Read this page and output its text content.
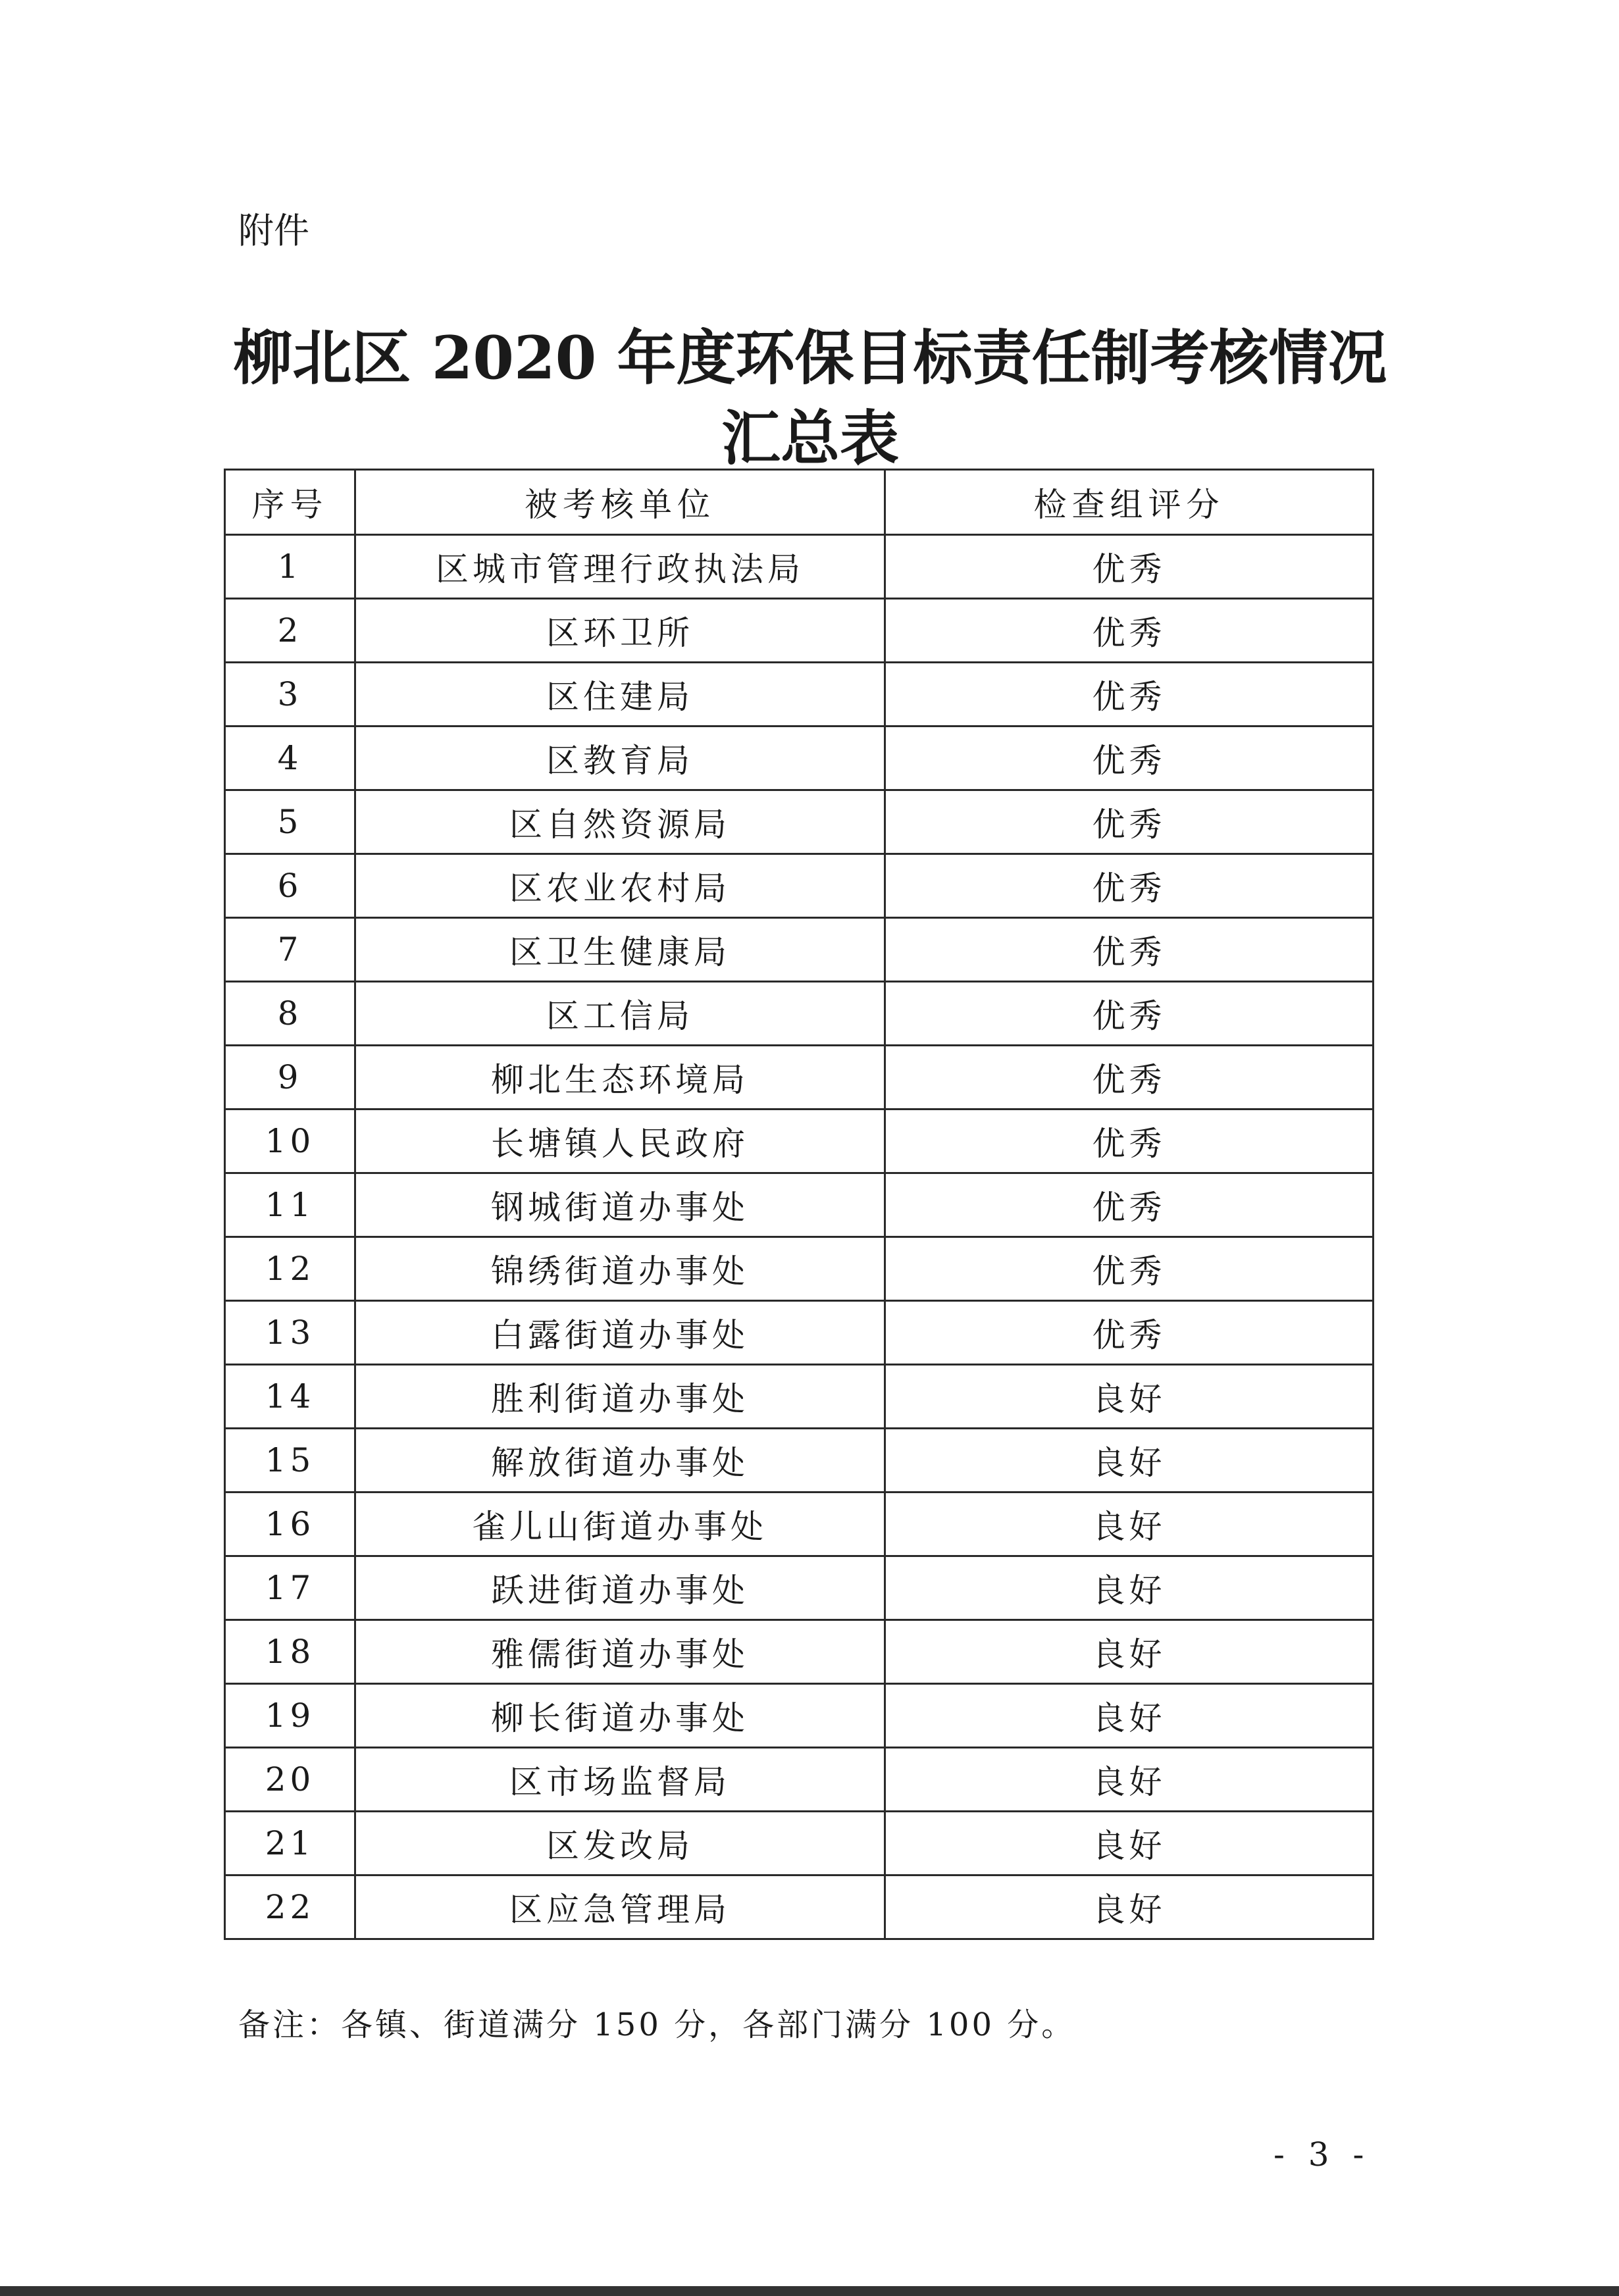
附件
柳北区 2020 年度环保目标责任制考核情况
汇总表
序号	被考核单位	检查组评分
1	区城市管理行政执法局	优秀
2	区环卫所	优秀
3	区住建局	优秀
4	区教育局	优秀
5	区自然资源局	优秀
6	区农业农村局	优秀
7	区卫生健康局	优秀
8	区工信局	优秀
9	柳北生态环境局	优秀
10	长塘镇人民政府	优秀
11	钢城街道办事处	优秀
12	锦绣街道办事处	优秀
13	白露街道办事处	优秀
14	胜利街道办事处	良好
15	解放街道办事处	良好
16	雀儿山街道办事处	良好
17	跃进街道办事处	良好
18	雅儒街道办事处	良好
19	柳长街道办事处	良好
20	区市场监督局	良好
21	区发改局	良好
22	区应急管理局	良好
备注：各镇、街道满分 150 分，各部门满分 100 分。
- 3 -
